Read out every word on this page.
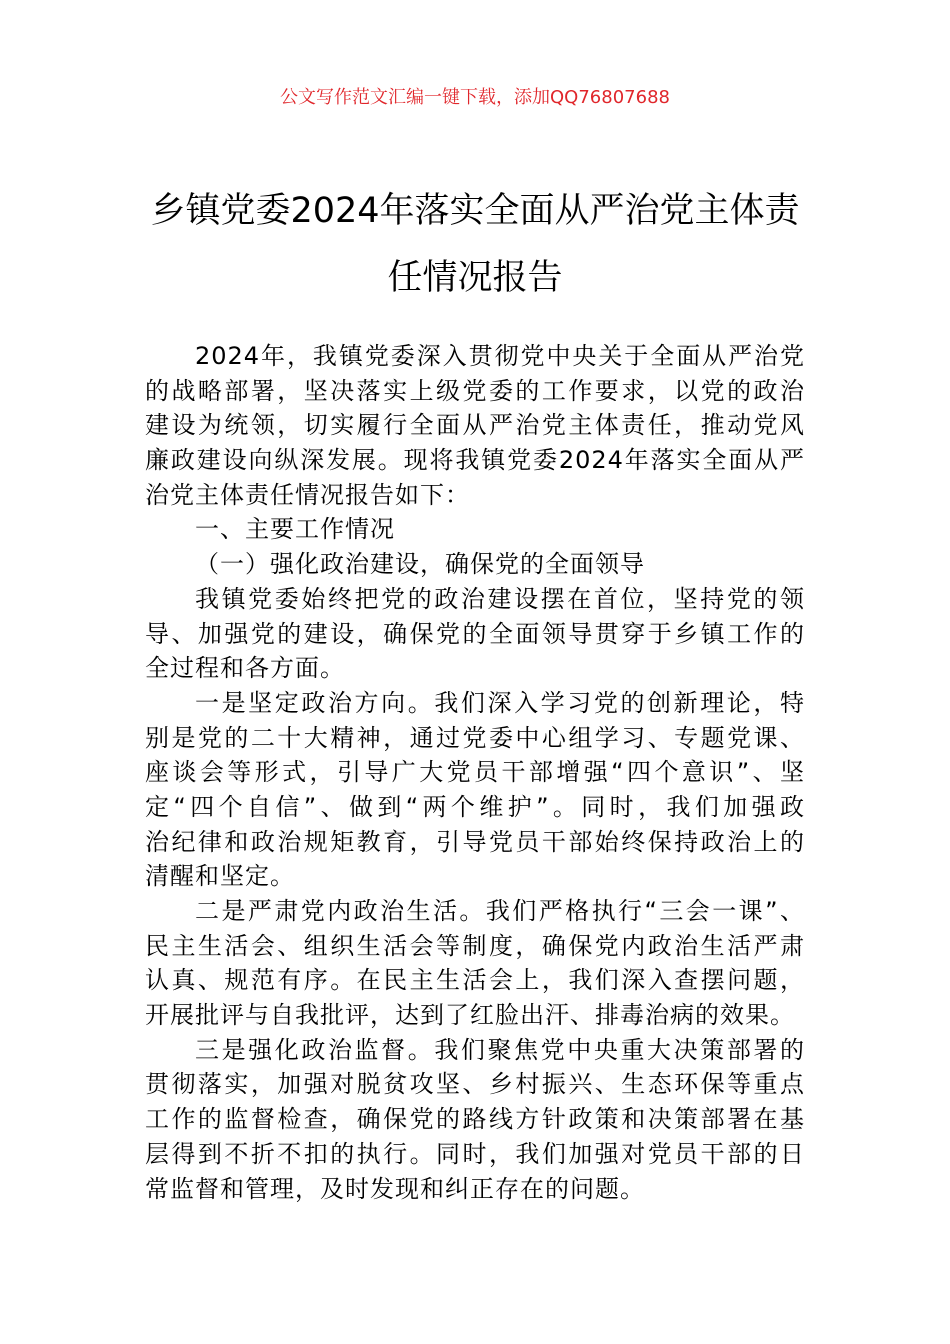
公文写作范文汇编一键下载，添加QQ76807688
乡镇党委2024年落实全面从严治党主体责
任情况报告
2024年，我镇党委深入贯彻党中央关于全面从严治党
的战略部署，坚决落实上级党委的工作要求，以党的政治
建设为统领，切实履行全面从严治党主体责任，推动党风
廉政建设向纵深发展。现将我镇党委2024年落实全面从严
治党主体责任情况报告如下：
一、主要工作情况
（一）强化政治建设，确保党的全面领导
我镇党委始终把党的政治建设摆在首位，坚持党的领
导、加强党的建设，确保党的全面领导贯穿于乡镇工作的
全过程和各方面。
一是坚定政治方向。我们深入学习党的创新理论，特
别是党的二十大精神，通过党委中心组学习、专题党课、
座谈会等形式，引导广大党员干部增强“四个意识”、坚
定“四个自信”、做到“两个维护”。同时，我们加强政
治纪律和政治规矩教育，引导党员干部始终保持政治上的
清醒和坚定。
二是严肃党内政治生活。我们严格执行“三会一课”、
民主生活会、组织生活会等制度，确保党内政治生活严肃
认真、规范有序。在民主生活会上，我们深入查摆问题，
开展批评与自我批评，达到了红脸出汗、排毒治病的效果。
三是强化政治监督。我们聚焦党中央重大决策部署的
贯彻落实，加强对脱贫攻坚、乡村振兴、生态环保等重点
工作的监督检查，确保党的路线方针政策和决策部署在基
层得到不折不扣的执行。同时，我们加强对党员干部的日
常监督和管理，及时发现和纠正存在的问题。
